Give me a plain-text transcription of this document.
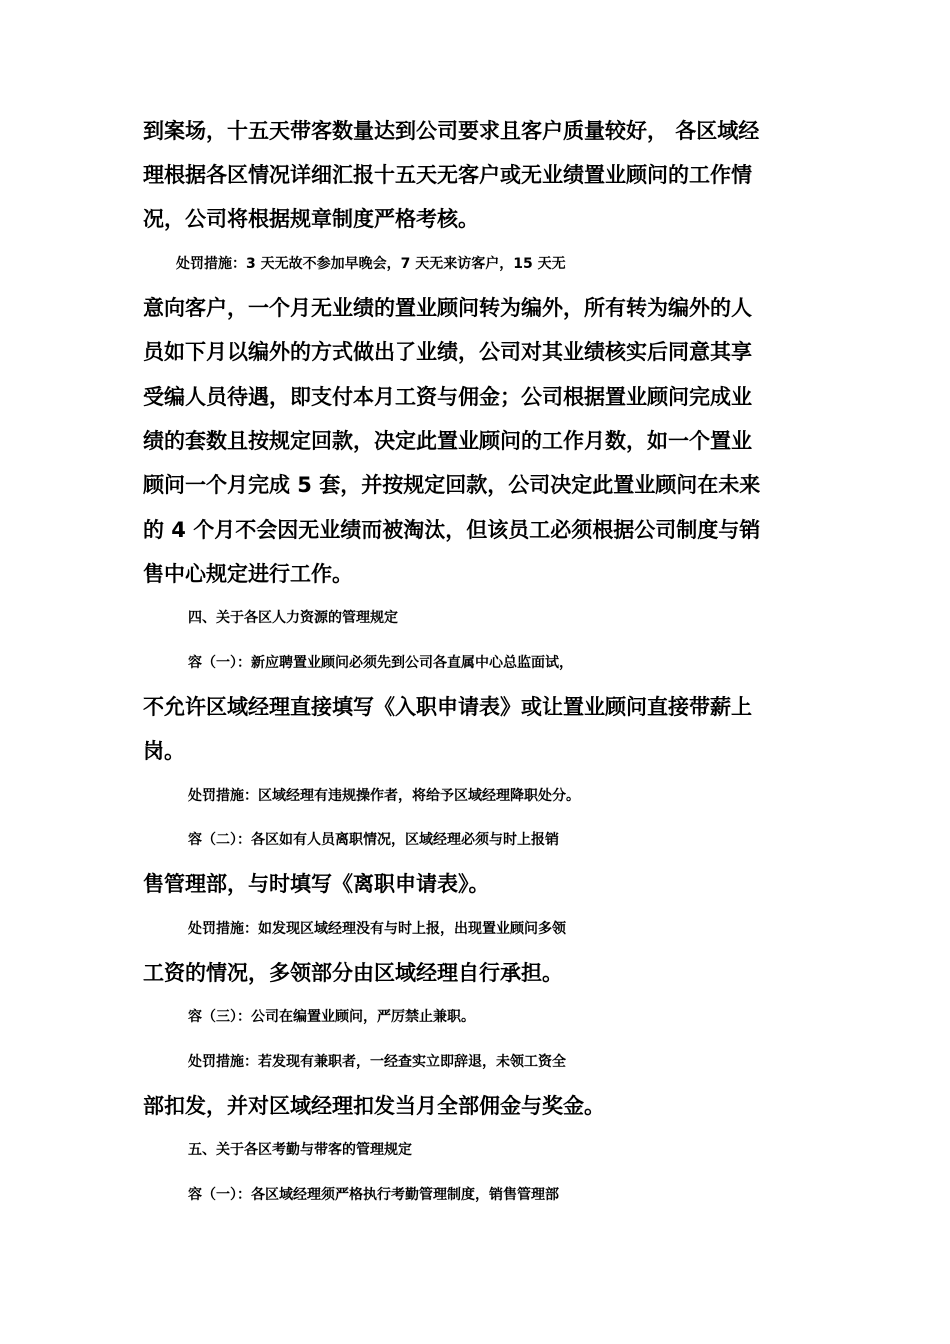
到案场，十五天带客数量达到公司要求且客户质量较好， 各区域经
理根据各区情况详细汇报十五天无客户或无业绩置业顾问的工作情
况，公司将根据规章制度严格考核。
处罚措施：3 天无故不参加早晚会，7 天无来访客户，15 天无
意向客户，一个月无业绩的置业顾问转为编外，所有转为编外的人
员如下月以编外的方式做出了业绩，公司对其业绩核实后同意其享
受编人员待遇，即支付本月工资与佣金；公司根据置业顾问完成业
绩的套数且按规定回款，决定此置业顾问的工作月数，如一个置业
顾问一个月完成 5 套，并按规定回款，公司决定此置业顾问在未来
的 4 个月不会因无业绩而被淘汰，但该员工必须根据公司制度与销
售中心规定进行工作。
四、关于各区人力资源的管理规定
容（一）：新应聘置业顾问必须先到公司各直属中心总监面试，
不允许区域经理直接填写《入职申请表》或让置业顾问直接带薪上
岗。
处罚措施：区域经理有违规操作者，将给予区域经理降职处分。
容（二）：各区如有人员离职情况，区域经理必须与时上报销
售管理部，与时填写《离职申请表》。
处罚措施：如发现区域经理没有与时上报，出现置业顾问多领
工资的情况，多领部分由区域经理自行承担。
容（三）：公司在编置业顾问，严厉禁止兼职。
处罚措施：若发现有兼职者，一经查实立即辞退，未领工资全
部扣发，并对区域经理扣发当月全部佣金与奖金。
五、关于各区考勤与带客的管理规定
容（一）：各区域经理须严格执行考勤管理制度，销售管理部
